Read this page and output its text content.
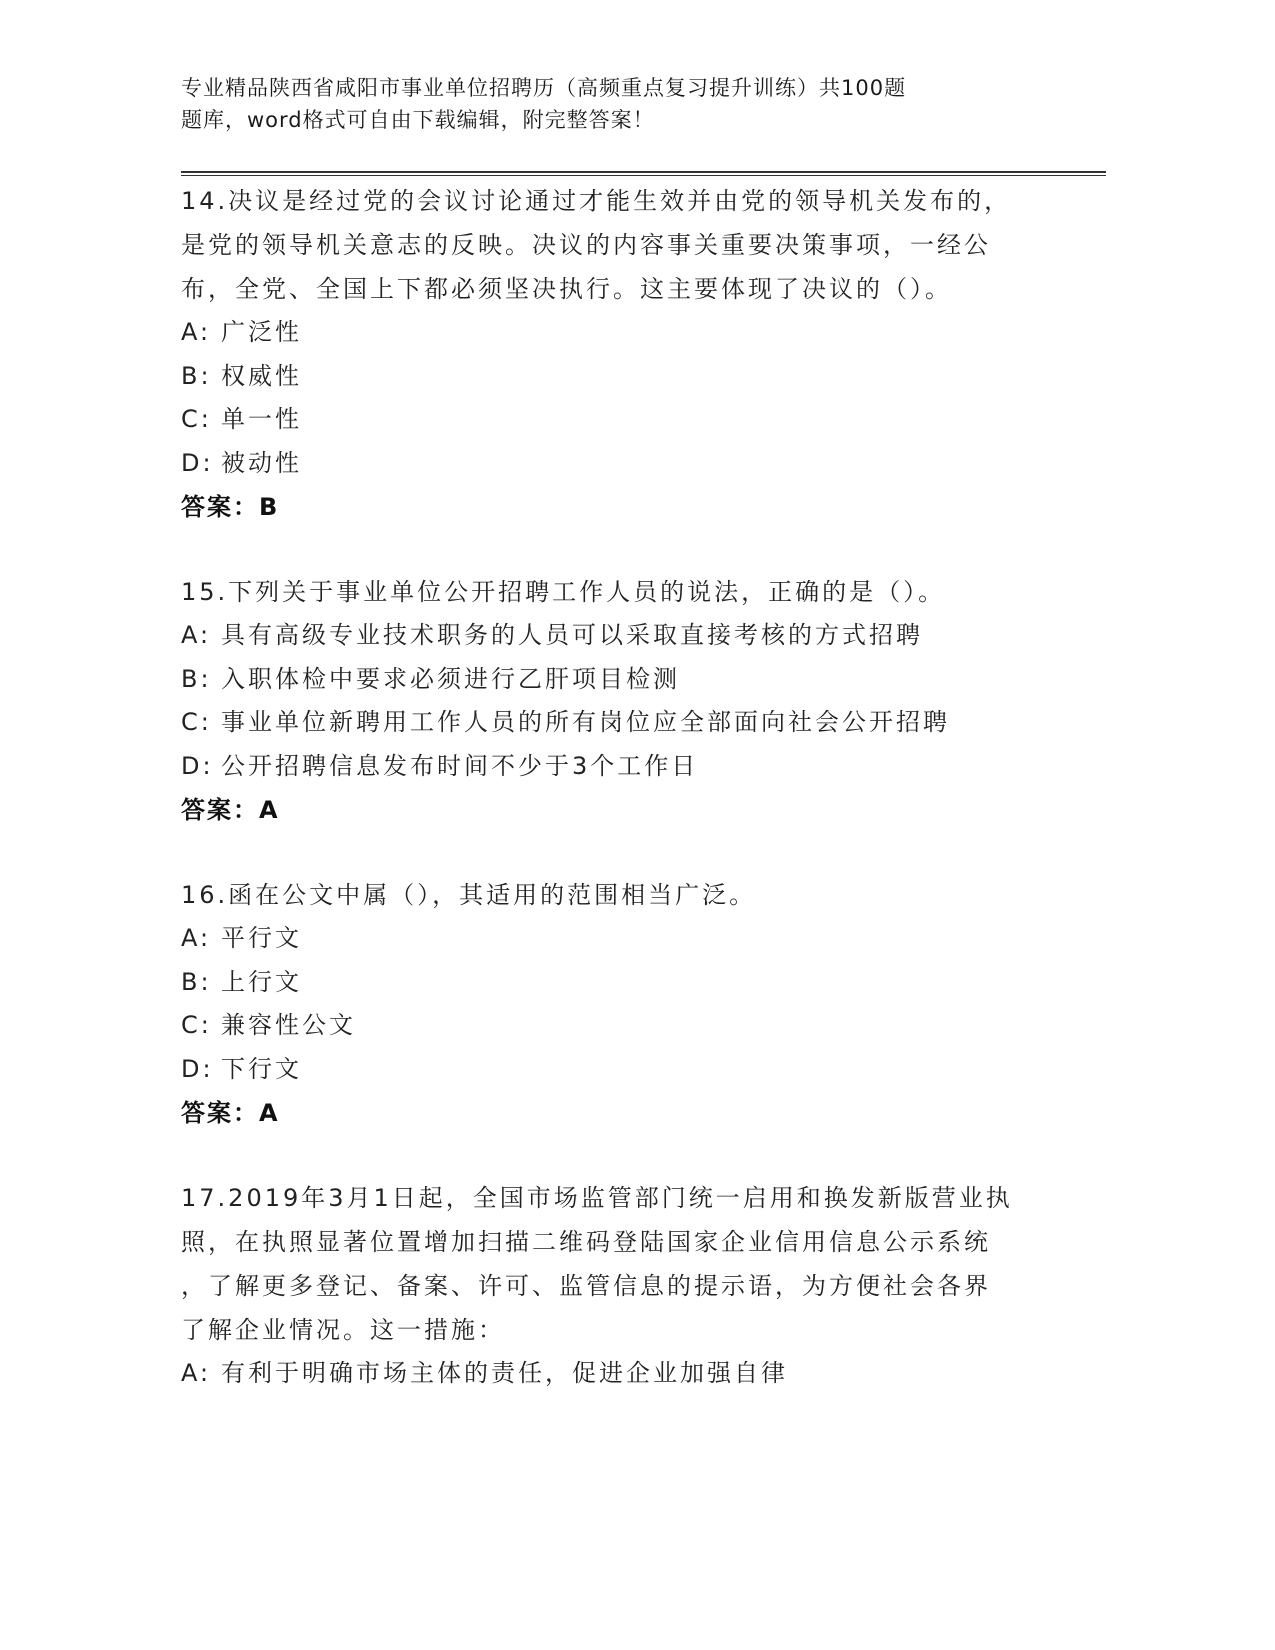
专业精品陕西省咸阳市事业单位招聘历（高频重点复习提升训练）共100题
题库，word格式可自由下载编辑，附完整答案！
14.决议是经过党的会议讨论通过才能生效并由党的领导机关发布的，
是党的领导机关意志的反映。决议的内容事关重要决策事项，一经公
布，全党、全国上下都必须坚决执行。这主要体现了决议的（）。
A: 广泛性
B: 权威性
C: 单一性
D: 被动性
答案：B
15.下列关于事业单位公开招聘工作人员的说法，正确的是（）。
A: 具有高级专业技术职务的人员可以采取直接考核的方式招聘
B: 入职体检中要求必须进行乙肝项目检测
C: 事业单位新聘用工作人员的所有岗位应全部面向社会公开招聘
D: 公开招聘信息发布时间不少于3个工作日
答案：A
16.函在公文中属（），其适用的范围相当广泛。
A: 平行文
B: 上行文
C: 兼容性公文
D: 下行文
答案：A
17.2019年3月1日起，全国市场监管部门统一启用和换发新版营业执
照，在执照显著位置增加扫描二维码登陆国家企业信用信息公示系统
，了解更多登记、备案、许可、监管信息的提示语，为方便社会各界
了解企业情况。这一措施：
A: 有利于明确市场主体的责任，促进企业加强自律
